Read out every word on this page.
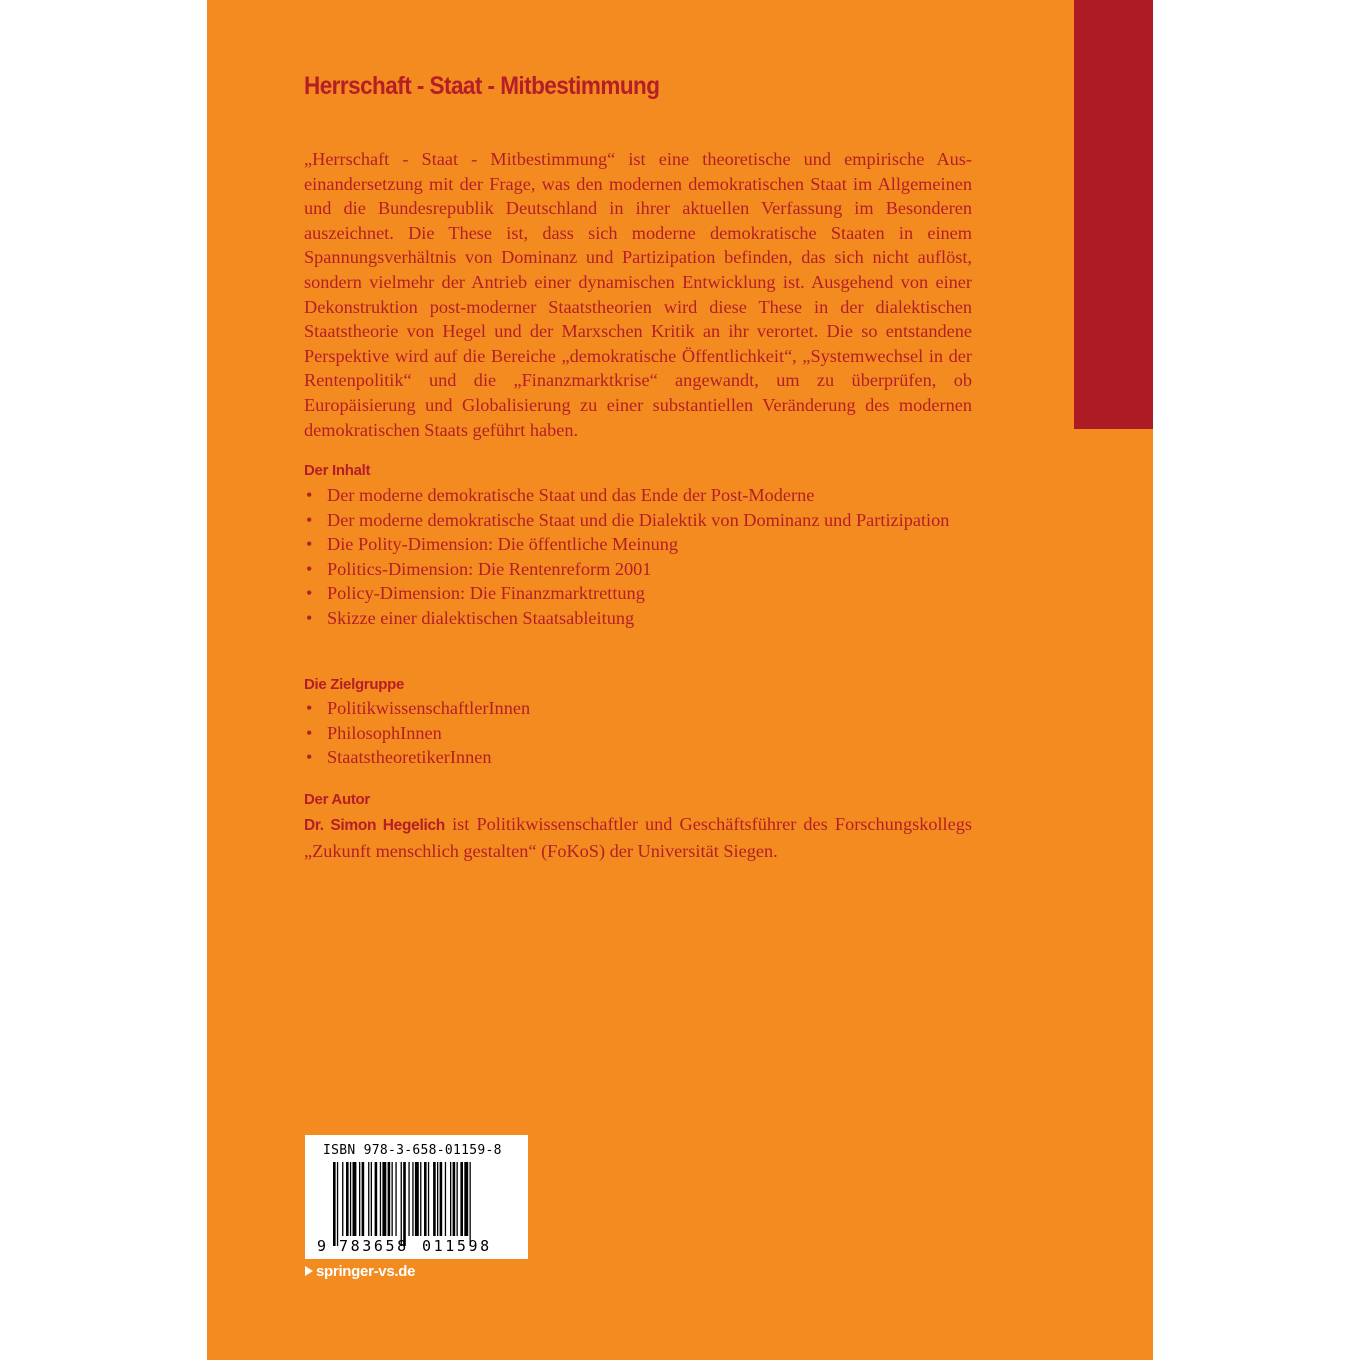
Herrschaft - Staat - Mitbestimmung

„Herrschaft - Staat - Mitbestimmung“ ist eine theoretische und empirische Auseinandersetzung mit der Frage, was den modernen demokratischen Staat im Allgemeinen und die Bundesrepublik Deutschland in ihrer aktuellen Verfassung im Besonderen auszeichnet. Die These ist, dass sich moderne demokratische Staaten in einem Spannungsverhältnis von Dominanz und Partizipation befinden, das sich nicht auflöst, sondern vielmehr der Antrieb einer dynamischen Entwicklung ist. Ausgehend von einer Dekonstruktion post-moderner Staatstheorien wird diese These in der dialektischen Staatstheorie von Hegel und der Marxschen Kritik an ihr verortet. Die so entstandene Perspektive wird auf die Bereiche „demokratische Öffentlichkeit“, „Systemwechsel in der Rentenpolitik“ und die „Finanzmarktkrise“ angewandt, um zu überprüfen, ob Europäisierung und Globalisierung zu einer substantiellen Veränderung des modernen demokratischen Staats geführt haben.

Der Inhalt
• Der moderne demokratische Staat und das Ende der Post-Moderne
• Der moderne demokratische Staat und die Dialektik von Dominanz und Partizipation
• Die Polity-Dimension: Die öffentliche Meinung
• Politics-Dimension: Die Rentenreform 2001
• Policy-Dimension: Die Finanzmarktrettung
• Skizze einer dialektischen Staatsableitung
Die Zielgruppe
• PolitikwissenschaftlerInnen
• PhilosophInnen
• StaatstheoretikerInnen
Der Autor
Dr. Simon Hegelich ist Politikwissenschaftler und Geschäftsführer des Forschungskollegs „Zukunft menschlich gestalten“ (FoKoS) der Universität Siegen.
ISBN 978-3-658-01159-8
9 783658 011598
springer-vs.de
